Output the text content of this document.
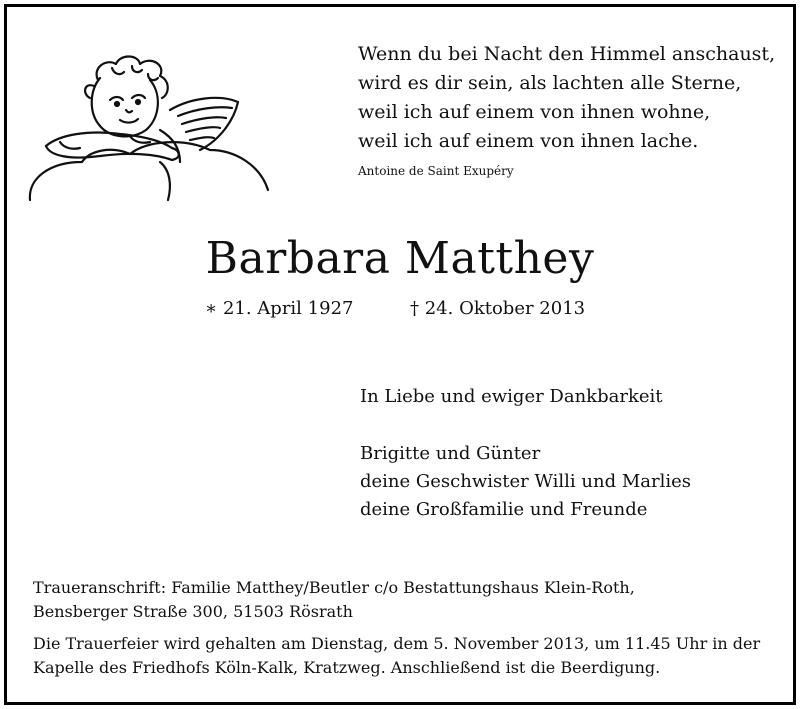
Wenn du bei Nacht den Himmel anschaust,
wird es dir sein, als lachten alle Sterne,
weil ich auf einem von ihnen wohne,
weil ich auf einem von ihnen lache.
Antoine de Saint Exupéry
Barbara Matthey
∗ 21. April 1927	† 24. Oktober 2013
In Liebe und ewiger Dankbarkeit
Brigitte und Günter
deine Geschwister Willi und Marlies
deine Großfamilie und Freunde
Traueranschrift: Familie Matthey/Beutler c/o Bestattungshaus Klein-Roth,
Bensberger Straße 300, 51503 Rösrath
Die Trauerfeier wird gehalten am Dienstag, dem 5. November 2013, um 11.45 Uhr in der
Kapelle des Friedhofs Köln-Kalk, Kratzweg. Anschließend ist die Beerdigung.
